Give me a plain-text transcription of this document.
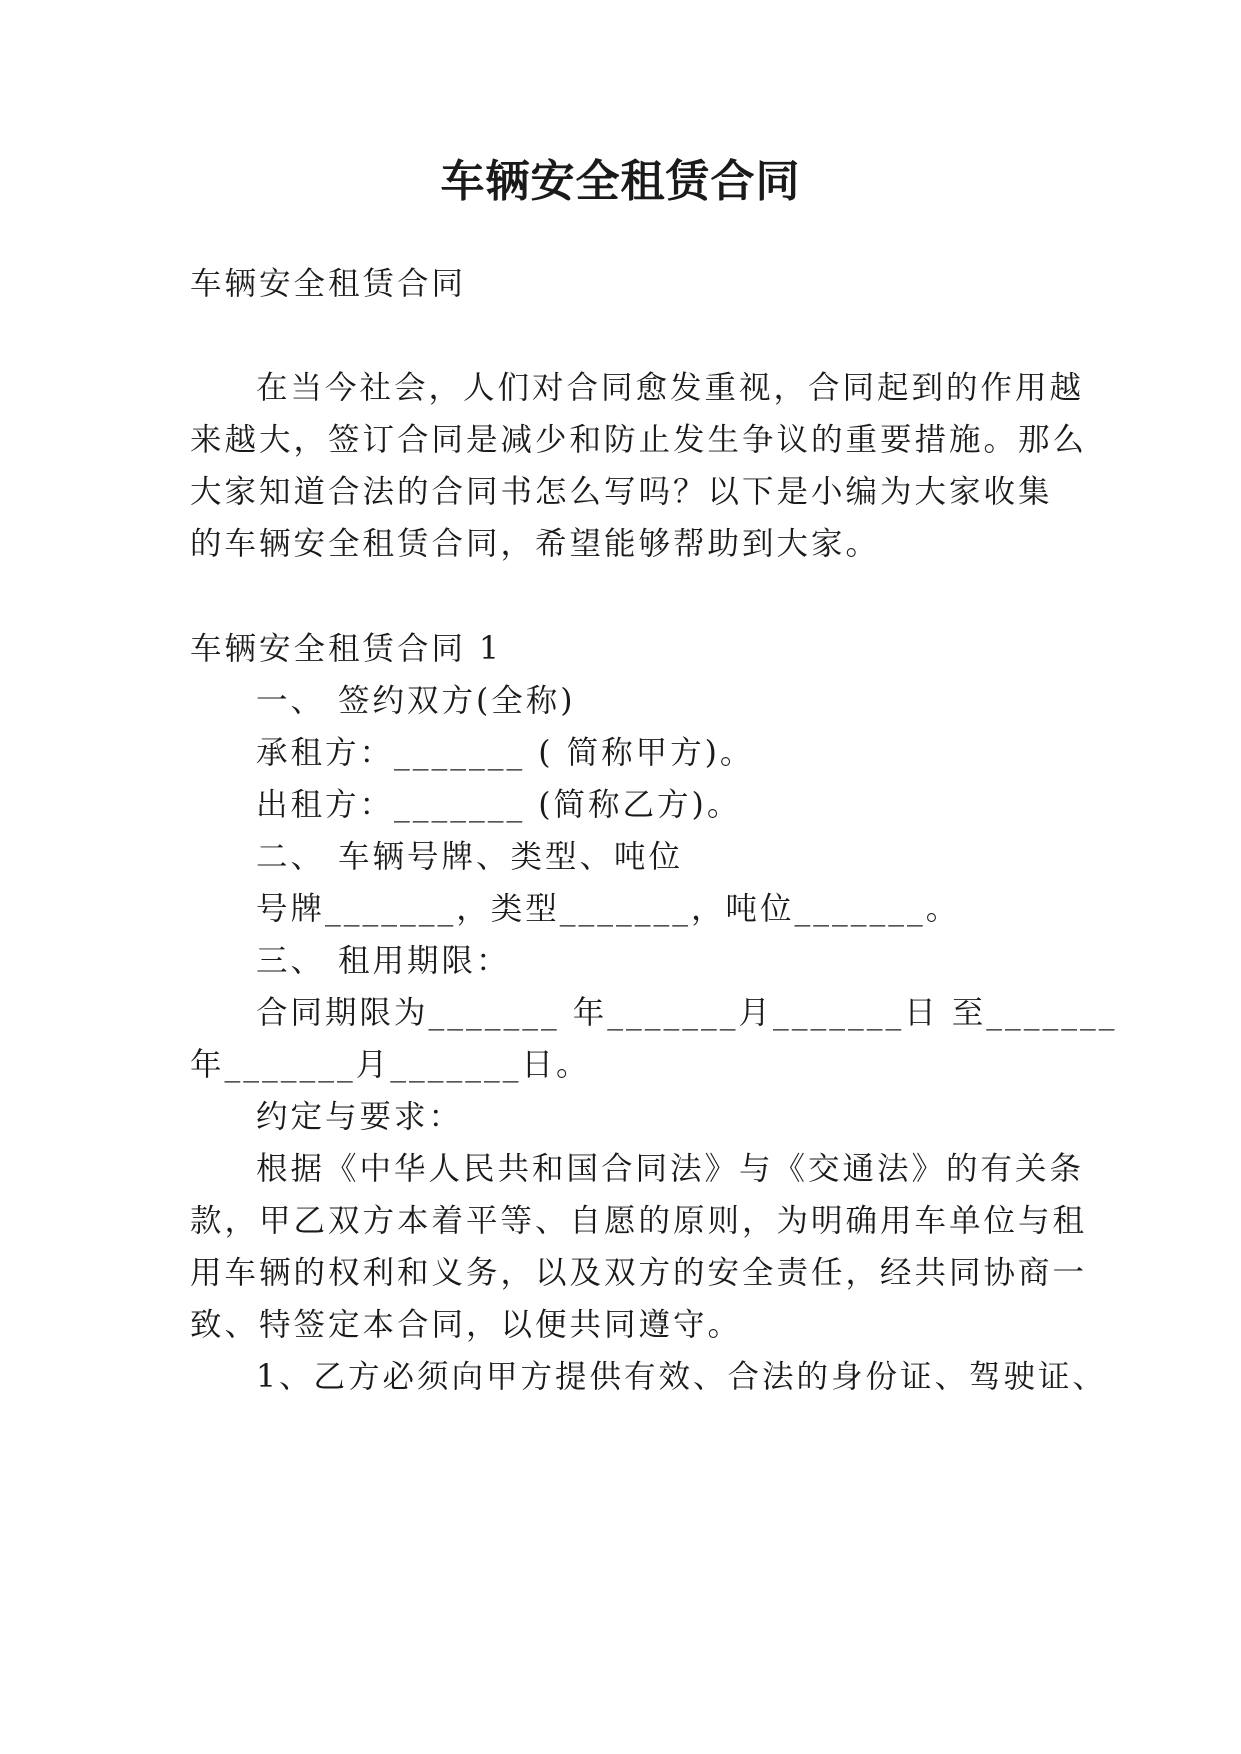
车辆安全租赁合同
车辆安全租赁合同
在当今社会，人们对合同愈发重视，合同起到的作用越
来越大，签订合同是减少和防止发生争议的重要措施。那么
大家知道合法的合同书怎么写吗？以下是小编为大家收集
的车辆安全租赁合同，希望能够帮助到大家。
车辆安全租赁合同 1
一、 签约双方(全称)
承租方：_______ ( 简称甲方)。
出租方：_______ (简称乙方)。
二、 车辆号牌、类型、吨位
号牌_______，类型_______，吨位_______。
三、 租用期限：
合同期限为_______ 年_______月_______日 至_______
年_______月_______日。
约定与要求：
根据《中华人民共和国合同法》与《交通法》的有关条
款，甲乙双方本着平等、自愿的原则，为明确用车单位与租
用车辆的权利和义务，以及双方的安全责任，经共同协商一
致、特签定本合同，以便共同遵守。
1、乙方必须向甲方提供有效、合法的身份证、驾驶证、
